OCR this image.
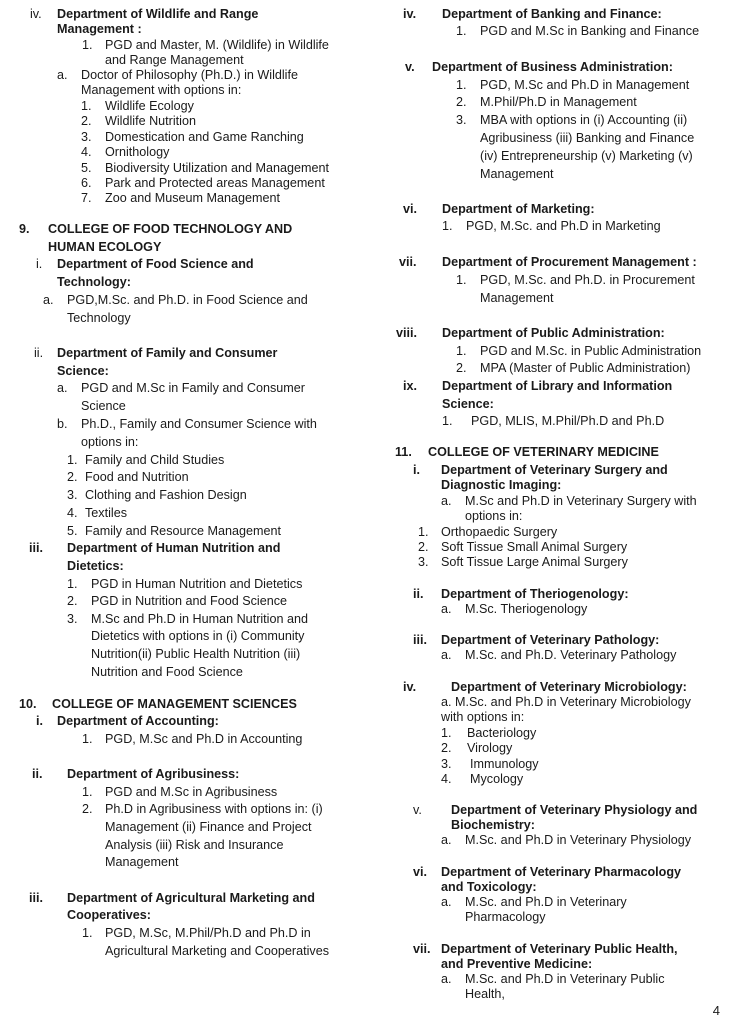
iv. Department of Wildlife and Range
Management :
1. PGD and Master, M. (Wildlife) in Wildlife
and Range Management
a. Doctor of Philosophy (Ph.D.) in Wildlife
Management with options in:
1. Wildlife Ecology
2. Wildlife Nutrition
3. Domestication and Game Ranching
4. Ornithology
5. Biodiversity Utilization and Management
6. Park and Protected areas Management
7. Zoo and Museum Management
9. COLLEGE OF FOOD TECHNOLOGY AND
HUMAN ECOLOGY
i. Department of Food Science and
Technology:
a. PGD,M.Sc. and Ph.D. in Food Science and
Technology
ii. Department of Family and Consumer
Science:
a. PGD and M.Sc in Family and Consumer
Science
b. Ph.D., Family and Consumer Science with
options in:
1. Family and Child Studies
2. Food and Nutrition
3. Clothing and Fashion Design
4. Textiles
5. Family and Resource Management
iii. Department of Human Nutrition and
Dietetics:
1. PGD in Human Nutrition and Dietetics
2. PGD in Nutrition and Food Science
3. M.Sc and Ph.D in Human Nutrition and
Dietetics with options in (i) Community
Nutrition(ii) Public Health Nutrition (iii)
Nutrition and Food Science
10. COLLEGE OF MANAGEMENT SCIENCES
i. Department of Accounting:
1. PGD, M.Sc and Ph.D in Accounting
ii. Department of Agribusiness:
1. PGD and M.Sc in Agribusiness
2. Ph.D in Agribusiness with options in: (i)
Management (ii) Finance and Project
Analysis (iii) Risk and Insurance
Management
iii. Department of Agricultural Marketing and
Cooperatives:
1. PGD, M.Sc, M.Phil/Ph.D and Ph.D in
Agricultural Marketing and Cooperatives
iv. Department of Banking and Finance:
1. PGD and M.Sc in Banking and Finance
v. Department of Business Administration:
1. PGD, M.Sc and Ph.D in Management
2. M.Phil/Ph.D in Management
3. MBA with options in (i) Accounting (ii)
Agribusiness (iii) Banking and Finance
(iv) Entrepreneurship (v) Marketing (v)
Management
vi. Department of Marketing:
1. PGD, M.Sc. and Ph.D in Marketing
vii. Department of Procurement Management :
1. PGD, M.Sc. and Ph.D. in Procurement
Management
viii. Department of Public Administration:
1. PGD and M.Sc. in Public Administration
2. MPA (Master of Public Administration)
ix. Department of Library and Information
Science:
1. PGD, MLIS, M.Phil/Ph.D and Ph.D
11. COLLEGE OF VETERINARY MEDICINE
i. Department of Veterinary Surgery and
Diagnostic Imaging:
a. M.Sc and Ph.D in Veterinary Surgery with
options in:
1. Orthopaedic Surgery
2. Soft Tissue Small Animal Surgery
3. Soft Tissue Large Animal Surgery
ii. Department of Theriogenology:
a. M.Sc. Theriogenology
iii. Department of Veterinary Pathology:
a. M.Sc. and Ph.D. Veterinary Pathology
iv.	Department of Veterinary Microbiology:
a. M.Sc. and Ph.D in Veterinary Microbiology
with options in:
1. Bacteriology
2. Virology
3. Immunology
4. Mycology
v. Department of Veterinary Physiology and
Biochemistry:
a. M.Sc. and Ph.D in Veterinary Physiology
vi. Department of Veterinary Pharmacology
and Toxicology:
a. M.Sc. and Ph.D in Veterinary
Pharmacology
vii. Department of Veterinary Public Health,
and Preventive Medicine:
a. M.Sc. and Ph.D in Veterinary Public
Health,
4
